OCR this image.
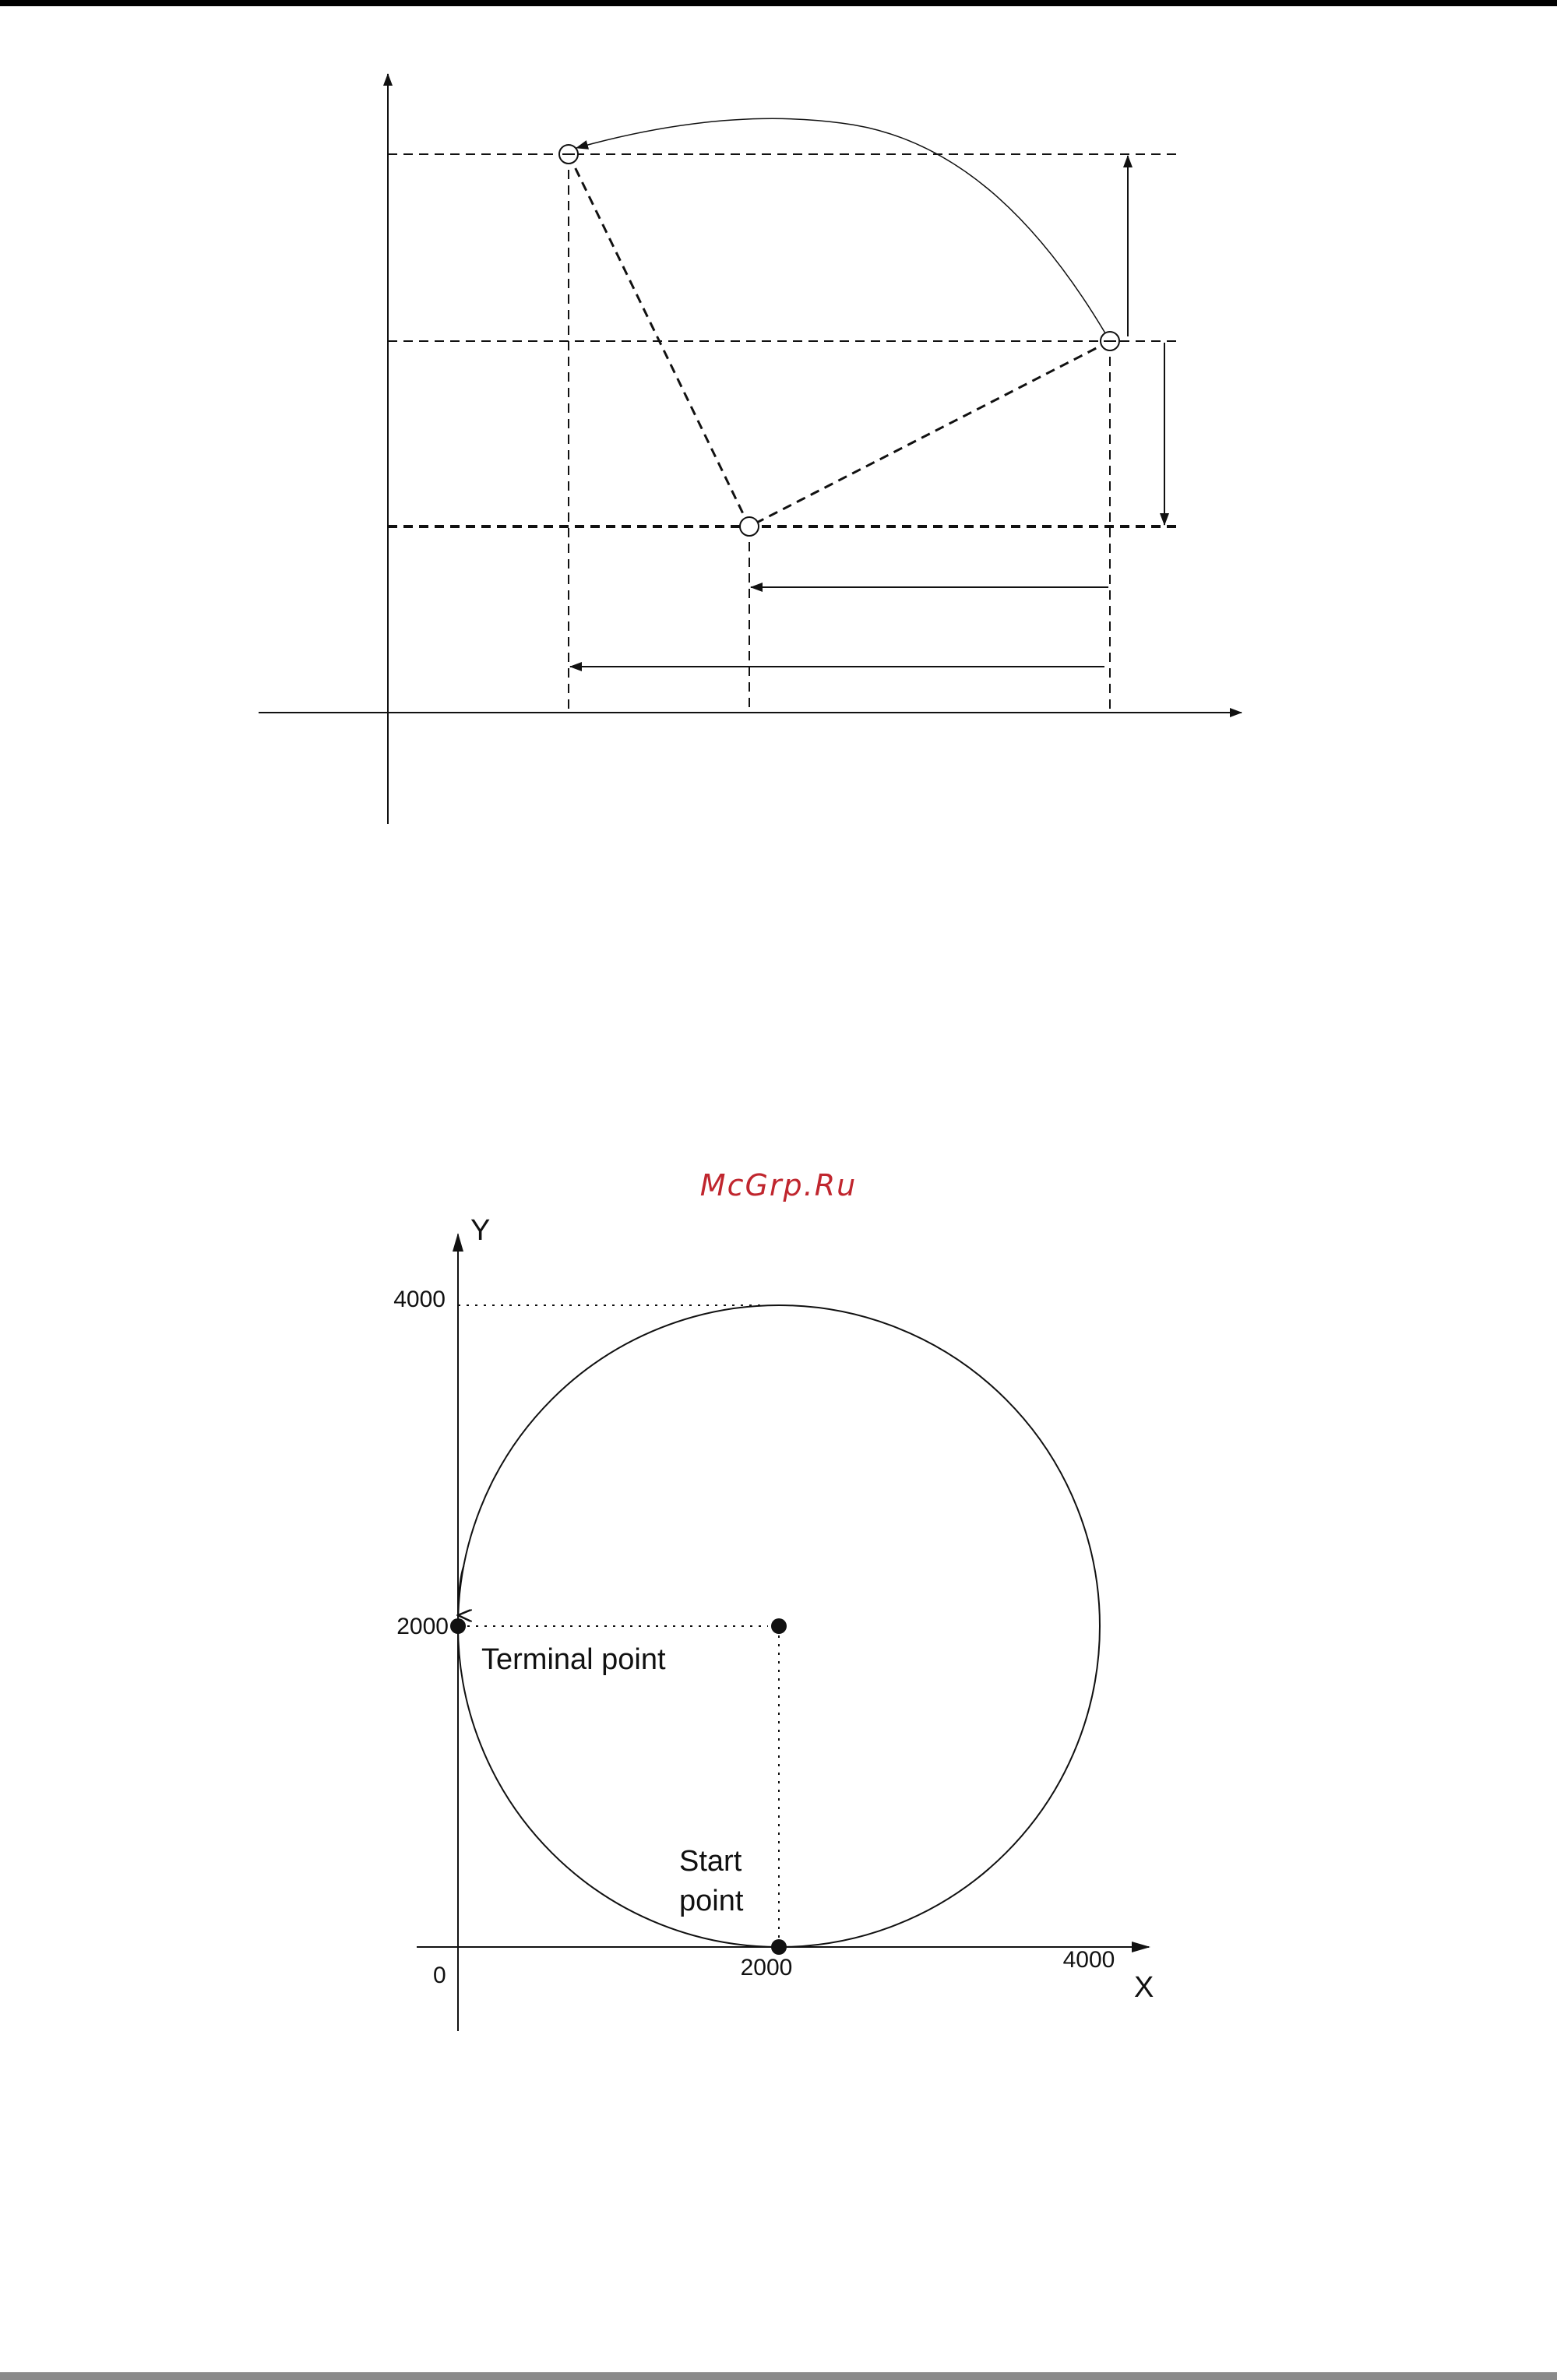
McGrp.Ru
Y
X
0	2000	4000
2000
4000
Terminal point
Start
point
